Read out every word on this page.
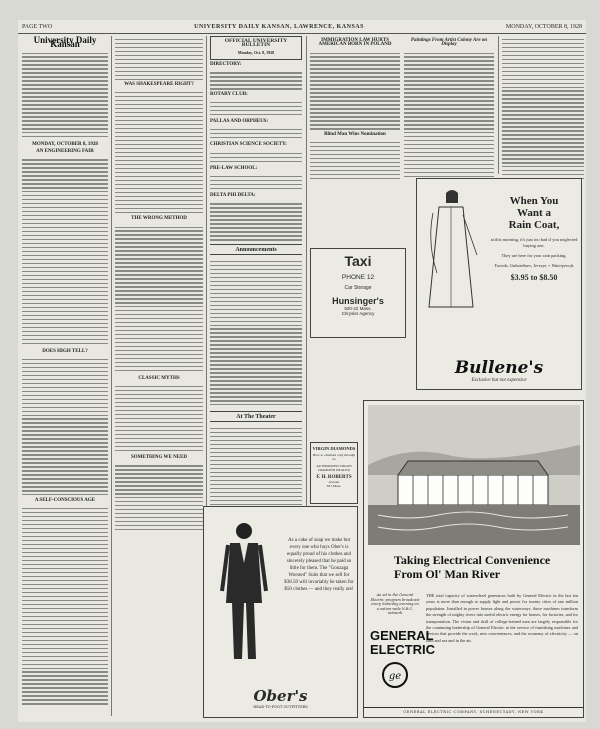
PAGE TWO	UNIVERSITY DAILY KANSAN, LAWRENCE, KANSAS	MONDAY, OCTOBER 8, 1928
University Daily Kansan
MONDAY, OCTOBER 8, 1928
AN ENGINEERING FAIR
DOES HIGH TELL?
A SELF-CONSCIOUS AGE
WAS SHAKESPEARE RIGHT?
THE WRONG METHOD
CLASSIC MYTHS
SOMETHING WE NEED
OFFICIAL UNIVERSITY BULLETIN
Monday, Oct. 8, 1928
DIRECTORY:
ROTARY CLUB:
PALLAS AND ORPHEUS:
CHRISTIAN SCIENCE SOCIETY:
PRE-LAW SCHOOL:
DELTA PHI DELTA:
Announcements
At The Theater
IMMIGRATION LAW HURTS AMERICAN BORN IN POLAND
Blind Man Wins Nomination
Paintings From Artist Colony Are on Display
Taxi
PHONE 12
Car Storage
Hunsinger's
920-22 Mass.
Chrysler Agency
When You
Want a
Rain Coat,
at this morning, it's just too bad if you neglected buying one.
They are here for your rain packing.
Tweeds, Gabardines, Jerseys + Waterproofs
$3.95 to $8.50
Bullene's
Exclusive but not expensive
VIRGIN DIAMONDS
How to obtained only through us
AUTHORIZED VIRGIN DIAMOND DEALER
F. H. ROBERTS
Jeweler
831 Mass.
As a cake of soap we make but every one who buys Ober's is equally proud of his clothes and sincerely pleased that he paid so little for them. The "Gonzaga Worsted" Suits that we sell for $38.50 will invariably be taken for $50 clothes — and they really are!
Ober's
HEAD-TO-FOOT OUTFITTERS
Taking Electrical Convenience
From Ol' Man River
An ad in the General Electric program broadcast every Saturday evening on a nation-wide N.B.C. network
GENERAL
ELECTRIC
ge
THE total capacity of waterwheel generators built by General Electric in the last ten years is more than enough to supply light and power for twenty cities of one million population. Installed in power houses along the waterways, these machines transform the strength of mighty rivers into useful electric energy for homes, for factories, and for transportation. The vision and skill of college-trained men are largely responsible for the continuing leadership of General Electric in the service of furnishing machines and devices that provide the work, new conveniences, and the economy of electricity — on land and sea and in the air.
GENERAL ELECTRIC COMPANY, SCHENECTADY, NEW YORK
